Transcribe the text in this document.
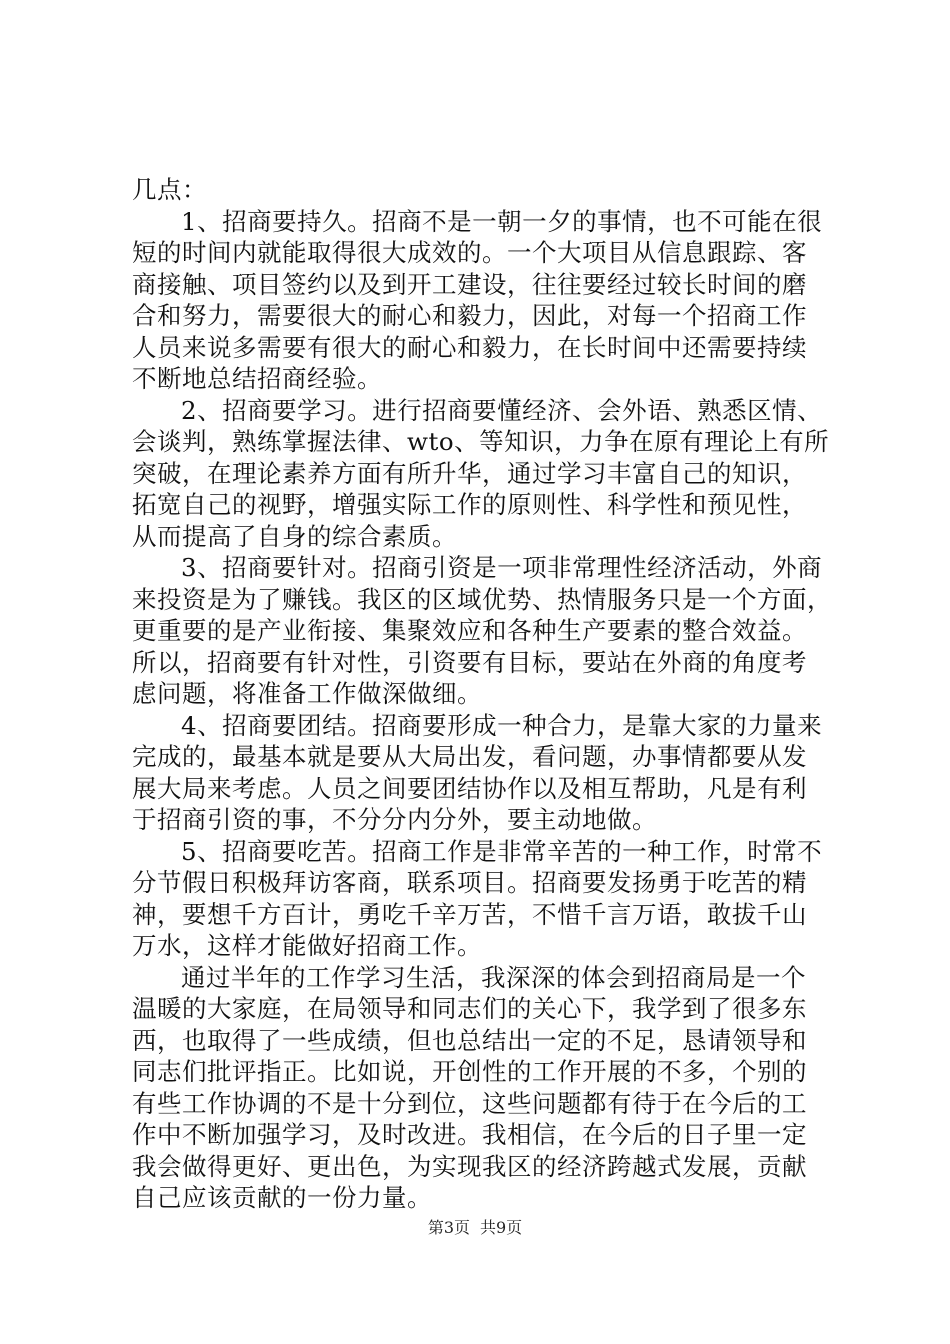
几点：
1、招商要持久。招商不是一朝一夕的事情，也不可能在很
短的时间内就能取得很大成效的。一个大项目从信息跟踪、客
商接触、项目签约以及到开工建设，往往要经过较长时间的磨
合和努力，需要很大的耐心和毅力，因此，对每一个招商工作
人员来说多需要有很大的耐心和毅力，在长时间中还需要持续
不断地总结招商经验。
2、招商要学习。进行招商要懂经济、会外语、熟悉区情、
会谈判，熟练掌握法律、wto、等知识，力争在原有理论上有所
突破，在理论素养方面有所升华，通过学习丰富自己的知识，
拓宽自己的视野，增强实际工作的原则性、科学性和预见性，
从而提高了自身的综合素质。
3、招商要针对。招商引资是一项非常理性经济活动，外商
来投资是为了赚钱。我区的区域优势、热情服务只是一个方面，
更重要的是产业衔接、集聚效应和各种生产要素的整合效益。
所以，招商要有针对性，引资要有目标，要站在外商的角度考
虑问题，将准备工作做深做细。
4、招商要团结。招商要形成一种合力，是靠大家的力量来
完成的，最基本就是要从大局出发，看问题，办事情都要从发
展大局来考虑。人员之间要团结协作以及相互帮助，凡是有利
于招商引资的事，不分分内分外，要主动地做。
5、招商要吃苦。招商工作是非常辛苦的一种工作，时常不
分节假日积极拜访客商，联系项目。招商要发扬勇于吃苦的精
神，要想千方百计，勇吃千辛万苦，不惜千言万语，敢拔千山
万水，这样才能做好招商工作。
通过半年的工作学习生活，我深深的体会到招商局是一个
温暖的大家庭，在局领导和同志们的关心下，我学到了很多东
西，也取得了一些成绩，但也总结出一定的不足，恳请领导和
同志们批评指正。比如说，开创性的工作开展的不多，个别的
有些工作协调的不是十分到位，这些问题都有待于在今后的工
作中不断加强学习，及时改进。我相信，在今后的日子里一定
我会做得更好、更出色，为实现我区的经济跨越式发展，贡献
自己应该贡献的一份力量。
第3页 共9页
